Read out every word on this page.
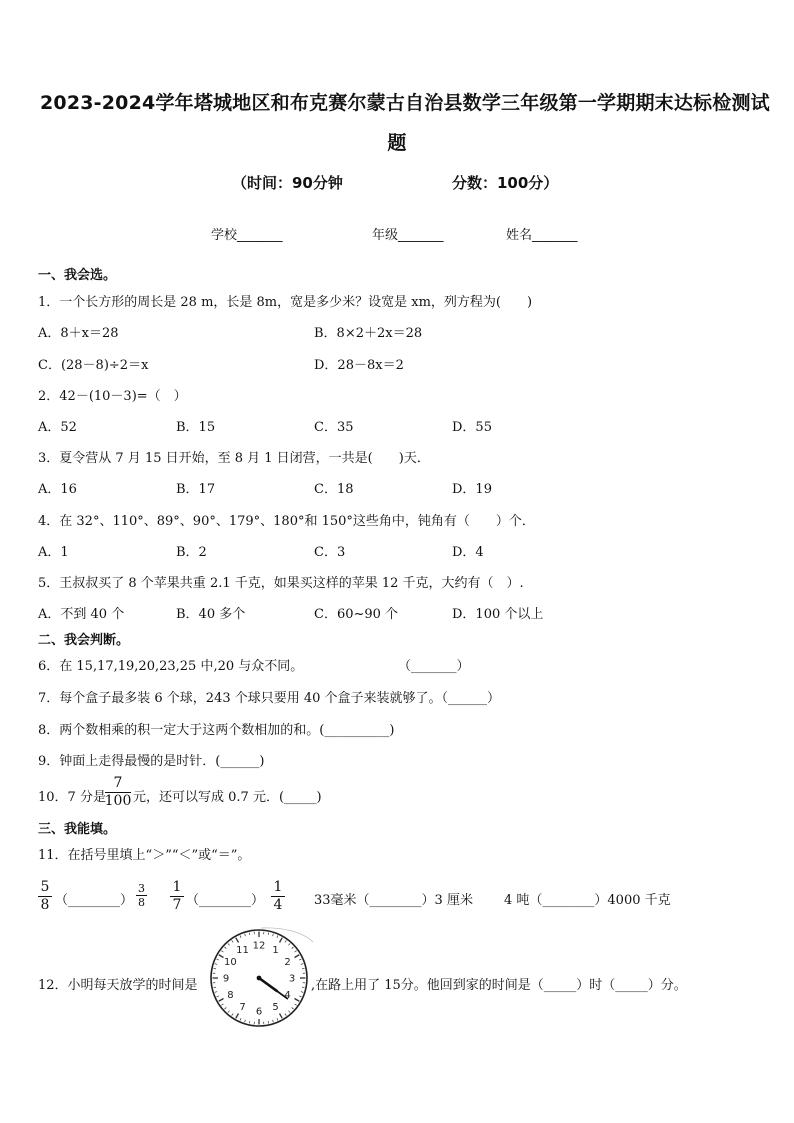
2023-2024学年塔城地区和布克赛尔蒙古自治县数学三年级第一学期期末达标检测试
题
（时间：90分钟	分数：100分）
学校_______	年级_______	姓名_______
一、我会选。
1．一个长方形的周长是 28 m，长是 8m，宽是多少米？设宽是 xm，列方程为(　　)
A．8＋x＝28	B．8×2＋2x＝28
C．(28－8)÷2＝x	D．28－8x＝2
2．42－(10－3)=（　）
A．52	B．15	C．35	D．55
3．夏令营从 7 月 15 日开始，至 8 月 1 日闭营，一共是(　　)天．
A．16	B．17	C．18	D．19
4．在 32°、110°、89°、90°、179°、180°和 150°这些角中，钝角有（　　）个．
A．1	B．2	C．3	D．4
5．王叔叔买了 8 个苹果共重 2.1 千克，如果买这样的苹果 12 千克，大约有（　）.
A．不到 40 个	B．40 多个	C．60~90 个	D．100 个以上
二、我会判断。
6．在 15,17,19,20,23,25 中,20 与众不同。	（_______）
7．每个盒子最多装 6 个球，243 个球只要用 40 个盒子来装就够了。（______）
8．两个数相乘的积一定大于这两个数相加的和。(__________)
9．钟面上走得最慢的是时针．(______)
10．7 分是
7
100 元，还可以写成 0.7 元．(_____)
三、我能填。
11．在括号里填上“＞”“＜”或“＝”。
5
8 （________）
3
8
1
7 （________）
1
4 33毫米（________）3 厘米 4 吨（________）4000 千克
12．小明每天放学的时间是
12 1
2
3
4
5
6
7
8
9
10
11
,在路上用了 15分。他回到家的时间是（_____）时（_____）分。
